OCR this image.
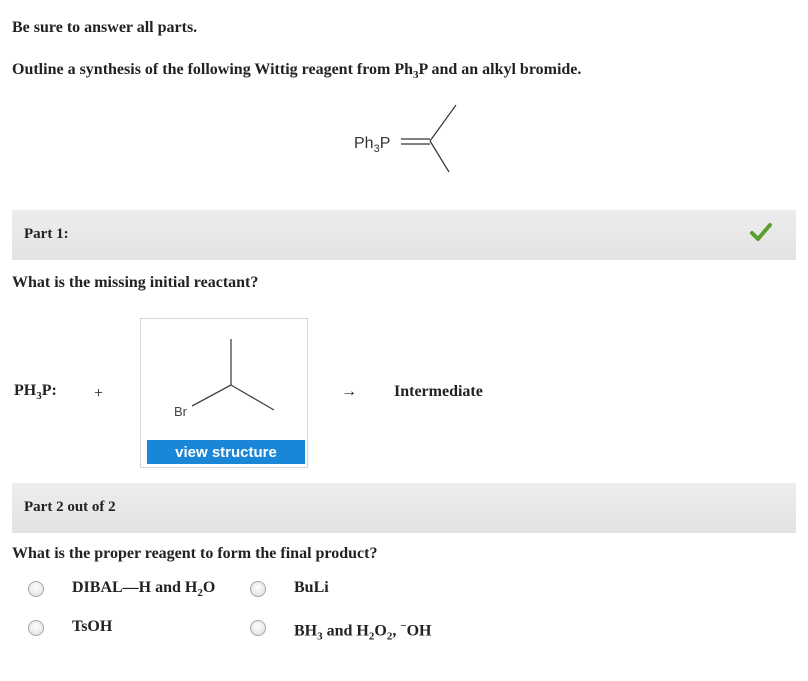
Be sure to answer all parts.
Outline a synthesis of the following Wittig reagent from $Ph_3P$ and an alkyl bromide.
$Ph_3P$
Part 1:
What is the missing initial reactant?
$PH_3P$: +
Br
view structure
→ Intermediate
Part 2 out of 2
What is the proper reagent to form the final product?
DIBAL—H and $H_2O$	BuLi
TsOH	$BH_3$ and $H_2O_2$, −OH
